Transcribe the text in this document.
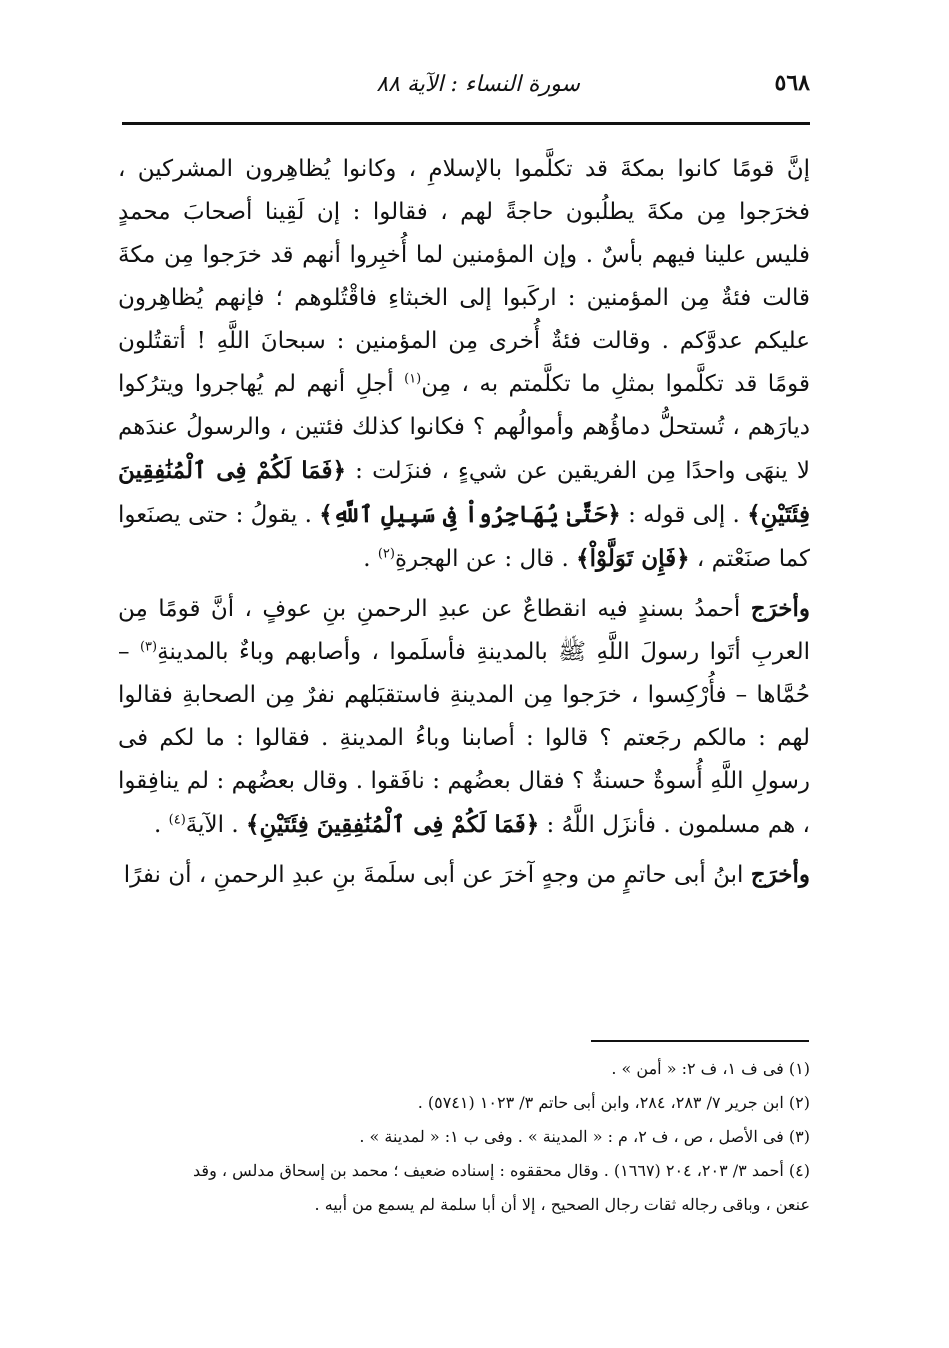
٥٦٨
سورة النساء : الآية ٨٨

إنَّ قومًا كانوا بمكةَ قد تكلَّموا بالإسلامِ ، وكانوا يُظاهِرون المشركين ، فخرَجوا مِن مكةَ يطلُبون حاجةً لهم ، فقالوا : إن لَقِينا أصحابَ محمدٍ فليس علينا فيهم بأسٌ . وإن المؤمنين لما أُخبِروا أنهم قد خرَجوا مِن مكةَ قالت فئةٌ مِن المؤمنين : اركَبوا إلى الخبثاءِ فاقْتُلوهم ؛ فإنهم يُظاهِرون عليكم عدوَّكم . وقالت فئةٌ أُخرى مِن المؤمنين : سبحانَ اللَّهِ ! أتقتُلون قومًا قد تكلَّموا بمثلِ ما تكلَّمتم به ، مِن$^{(١)}$ أجلِ أنهم لم يُهاجروا ويترُكوا ديارَهم ، تُستحلُّ دماؤُهم وأموالُهم ؟ فكانوا كذلك فئتين ، والرسولُ عندَهم لا ينهَى واحدًا مِن الفريقين عن شيءٍ ، فنزَلت : ﴿فَمَا لَكُمْ فِى ٱلْمُنَٰفِقِينَ فِئَتَيْنِ﴾ . إلى قوله : ﴿حَتَّىٰ يُهَاجِرُواْ فِى سَبِيلِ ٱللَّهِ﴾ . يقولُ : حتى يصنَعوا كما صنَعْتم ، ﴿فَإِن تَوَلَّوْاْ﴾ . قال : عن الهجرةِ$^{(٢)}$ .

وأخرَج أحمدُ بسندٍ فيه انقطاعٌ عن عبدِ الرحمنِ بنِ عوفٍ ، أنَّ قومًا مِن العربِ أتَوا رسولَ اللَّهِ ﷺ بالمدينةِ فأسلَموا ، وأصابهم وباءٌ بالمدينةِ$^{(٣)}$ – حُمَّاها – فأُرْكِسوا ، خرَجوا مِن المدينةِ فاستقبَلهم نفرٌ مِن الصحابةِ فقالوا لهم : مالكم رجَعتم ؟ قالوا : أصابنا وباءُ المدينةِ . فقالوا : ما لكم فى رسولِ اللَّهِ أُسوةٌ حسنةٌ ؟ فقال بعضُهم : نافَقوا . وقال بعضُهم : لم ينافِقوا ، هم مسلمون . فأنزَل اللَّهُ : ﴿فَمَا لَكُمْ فِى ٱلْمُنَٰفِقِينَ فِئَتَيْنِ﴾ . الآيةَ$^{(٤)}$ .

وأخرَج ابنُ أبى حاتمٍ من وجهٍ آخرَ عن أبى سلَمةَ بنِ عبدِ الرحمنِ ، أن نفرًا

(١) فى ف ١، ف ٢: « أمن » .

(٢) ابن جرير ٧/ ٢٨٣، ٢٨٤، وابن أبى حاتم ٣/ ١٠٢٣ (٥٧٤١) .

(٣) فى الأصل ، ص ، ف ٢، م : « المدينة » . وفى ب ١: « لمدينة » .

(٤) أحمد ٣/ ٢٠٣، ٢٠٤ (١٦٦٧) . وقال محققوه : إسناده ضعيف ؛ محمد بن إسحاق مدلس ، وقد

عنعن ، وباقى رجاله ثقات رجال الصحيح ، إلا أن أبا سلمة لم يسمع من أبيه .
